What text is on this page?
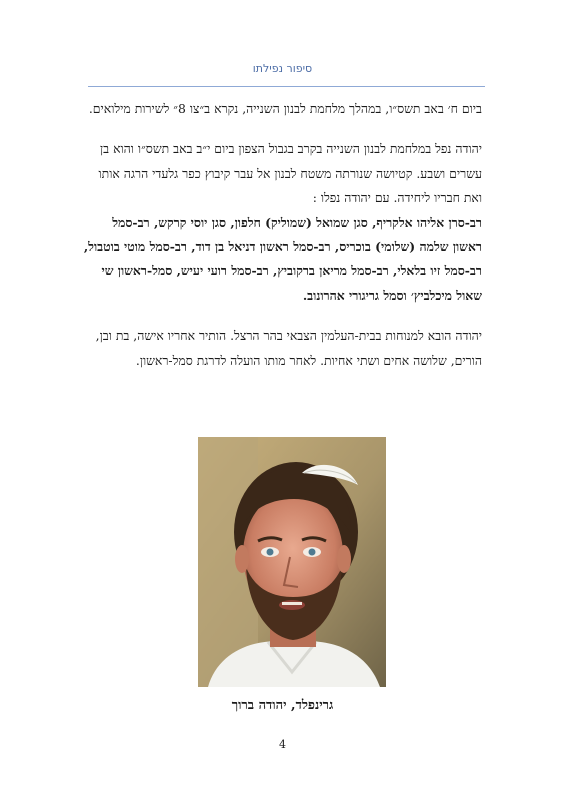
סיפור נפילתו

ביום ח׳ באב תשס״ו, במהלך מלחמת לבנון השנייה, נקרא ב״צו 8״ לשירות מילואים.

יהודה נפל במלחמת לבנון השנייה בקרב בגבול הצפון ביום י״ב באב תשס״ו והוא בן עשרים ושבע. קטיושה שנורתה משטח לבנון אל עבר קיבוץ כפר גלעדי הרגה אותו ואת חבריו ליחידה. עם יהודה נפלו :

רב-סרן אליהו אלקריף, סגן שמואל (שמוליק) חלפון, סגן יוסי קרקש, רב-סמל ראשון שלמה (שלומי) בוכריס, רב-סמל ראשון דניאל בן דוד, רב-סמל מוטי בוטבול, רב-סמל זיו בלאלי, רב-סמל מריאן ברקוביץ, רב-סמל רועי יעיש, סמל-ראשון שי שאול מיכלביץ׳ וסמל גריגורי אהרונוב.

יהודה הובא למנוחות בבית-העלמין הצבאי בהר הרצל. הותיר אחריו אישה, בת ובן, הורים, שלושה אחים ושתי אחיות. לאחר מותו הועלה לדרגת סמל-ראשון.

גרינפלד, יהודה ברוך
4
